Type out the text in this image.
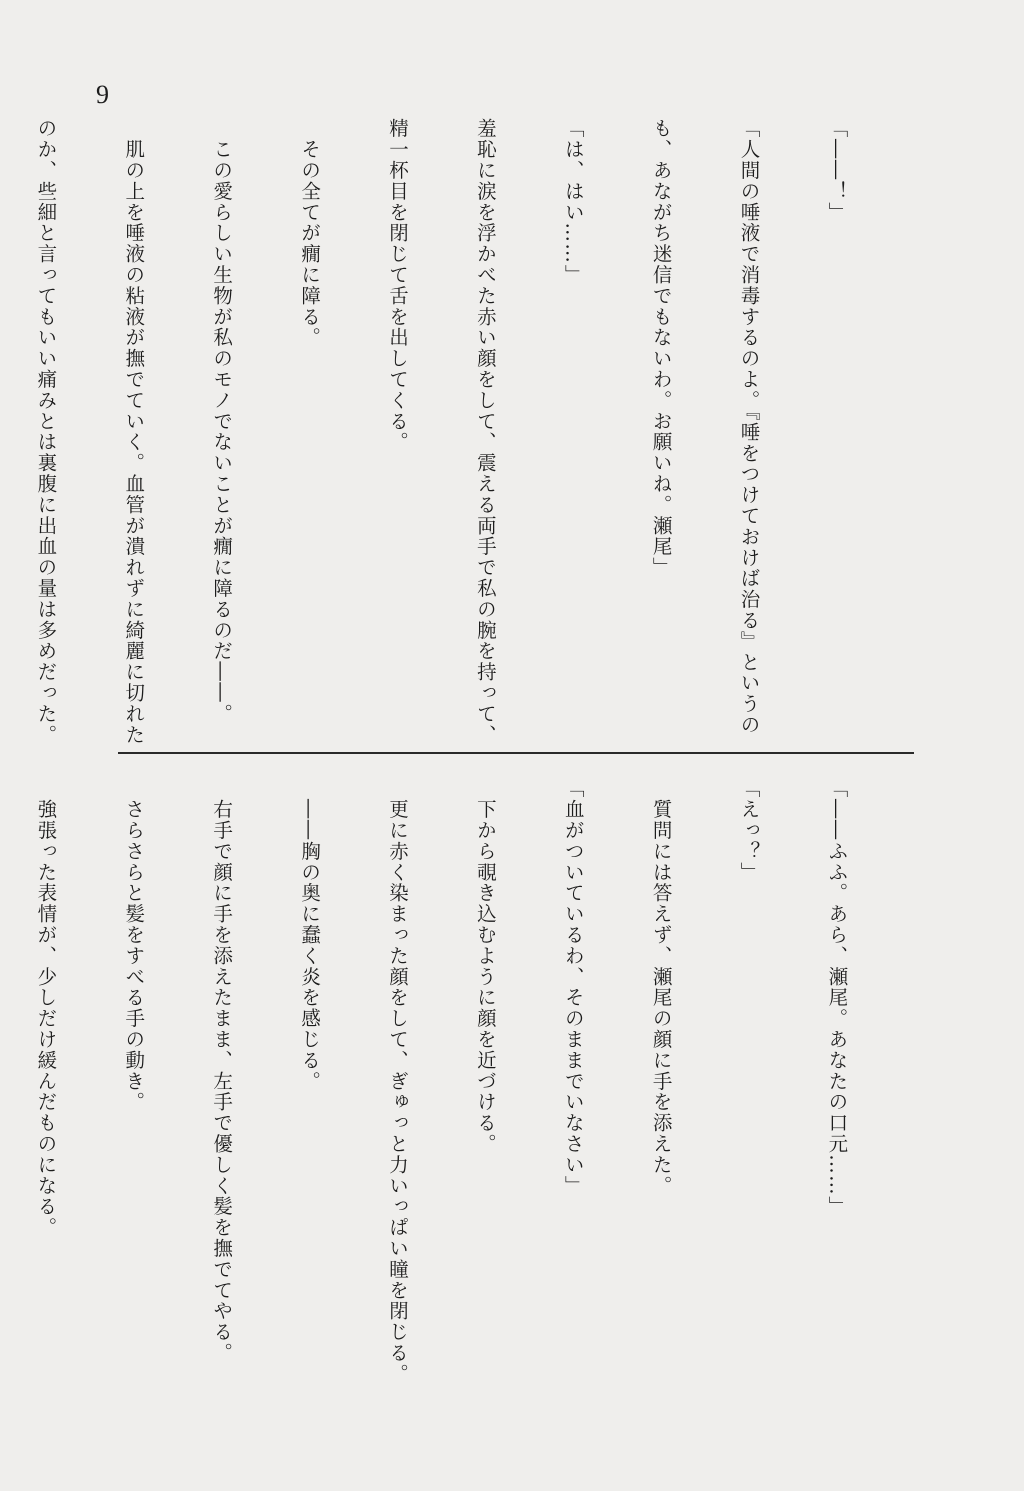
9

「――！」

「人間の唾液で消毒するのよ。『唾をつけておけば治る』というの

も、あながち迷信でもないわ。お願いね。瀬尾」

「は、はい……」

羞恥に涙を浮かべた赤い顔をして、震える両手で私の腕を持って、

精一杯目を閉じて舌を出してくる。

　その全てが癇に障る。

　この愛らしい生物が私のモノでないことが癇に障るのだ――。

　肌の上を唾液の粘液が撫でていく。血管が潰れずに綺麗に切れた

のか、些細と言ってもいい痛みとは裏腹に出血の量は多めだった。

「――ふふ。あら、瀬尾。あなたの口元……」

「えっ？」

　質問には答えず、瀬尾の顔に手を添えた。

「血がついているわ、そのままでいなさい」

　下から覗き込むように顔を近づける。

　更に赤く染まった顔をして、ぎゅっと力いっぱい瞳を閉じる。

　――胸の奥に蠢く炎を感じる。

　右手で顔に手を添えたまま、左手で優しく髪を撫でてやる。

　さらさらと髪をすべる手の動き。

　強張った表情が、少しだけ緩んだものになる。
